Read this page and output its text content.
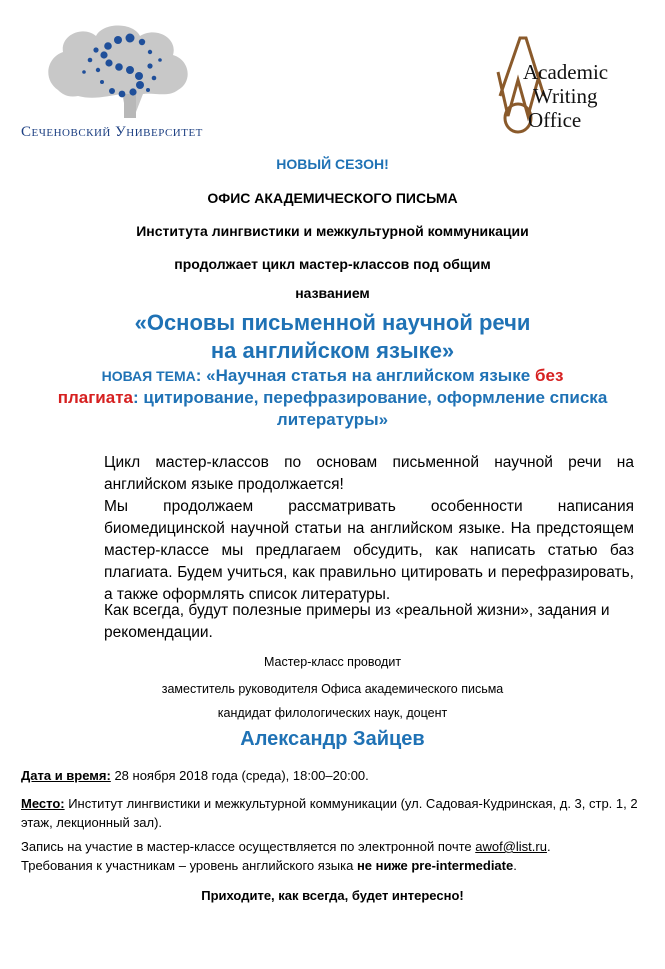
Сеченовский Университет
Academic
Writing
Office
НОВЫЙ СЕЗОН!
ОФИС АКАДЕМИЧЕСКОГО ПИСЬМА
Института лингвистики и межкультурной коммуникации
продолжает цикл мастер-классов под общим
названием
«Основы письменной научной речи
на английском языке»
НОВАЯ ТЕМА: «Научная статья на английском языке без
плагиата: цитирование, перефразирование, оформление списка литературы»
Цикл мастер-классов по основам письменной научной речи на английском языке продолжается!
Мы продолжаем рассматривать особенности написания биомедицинской научной статьи на английском языке. На предстоящем мастер-классе мы предлагаем обсудить, как написать статью баз плагиата. Будем учиться, как правильно цитировать и перефразировать, а также оформлять список литературы.
Как всегда, будут полезные примеры из «реальной жизни», задания и рекомендации.
Мастер-класс проводит
заместитель руководителя Офиса академического письма
кандидат филологических наук, доцент
Александр Зайцев
Дата и время: 28 ноября 2018 года (среда), 18:00–20:00.
Место: Институт лингвистики и межкультурной коммуникации (ул. Садовая-Кудринская, д. 3, стр. 1, 2 этаж, лекционный зал).
Запись на участие в мастер-классе осуществляется по электронной почте awof@list.ru.
Требования к участникам – уровень английского языка не ниже pre-intermediate.
Приходите, как всегда, будет интересно!
